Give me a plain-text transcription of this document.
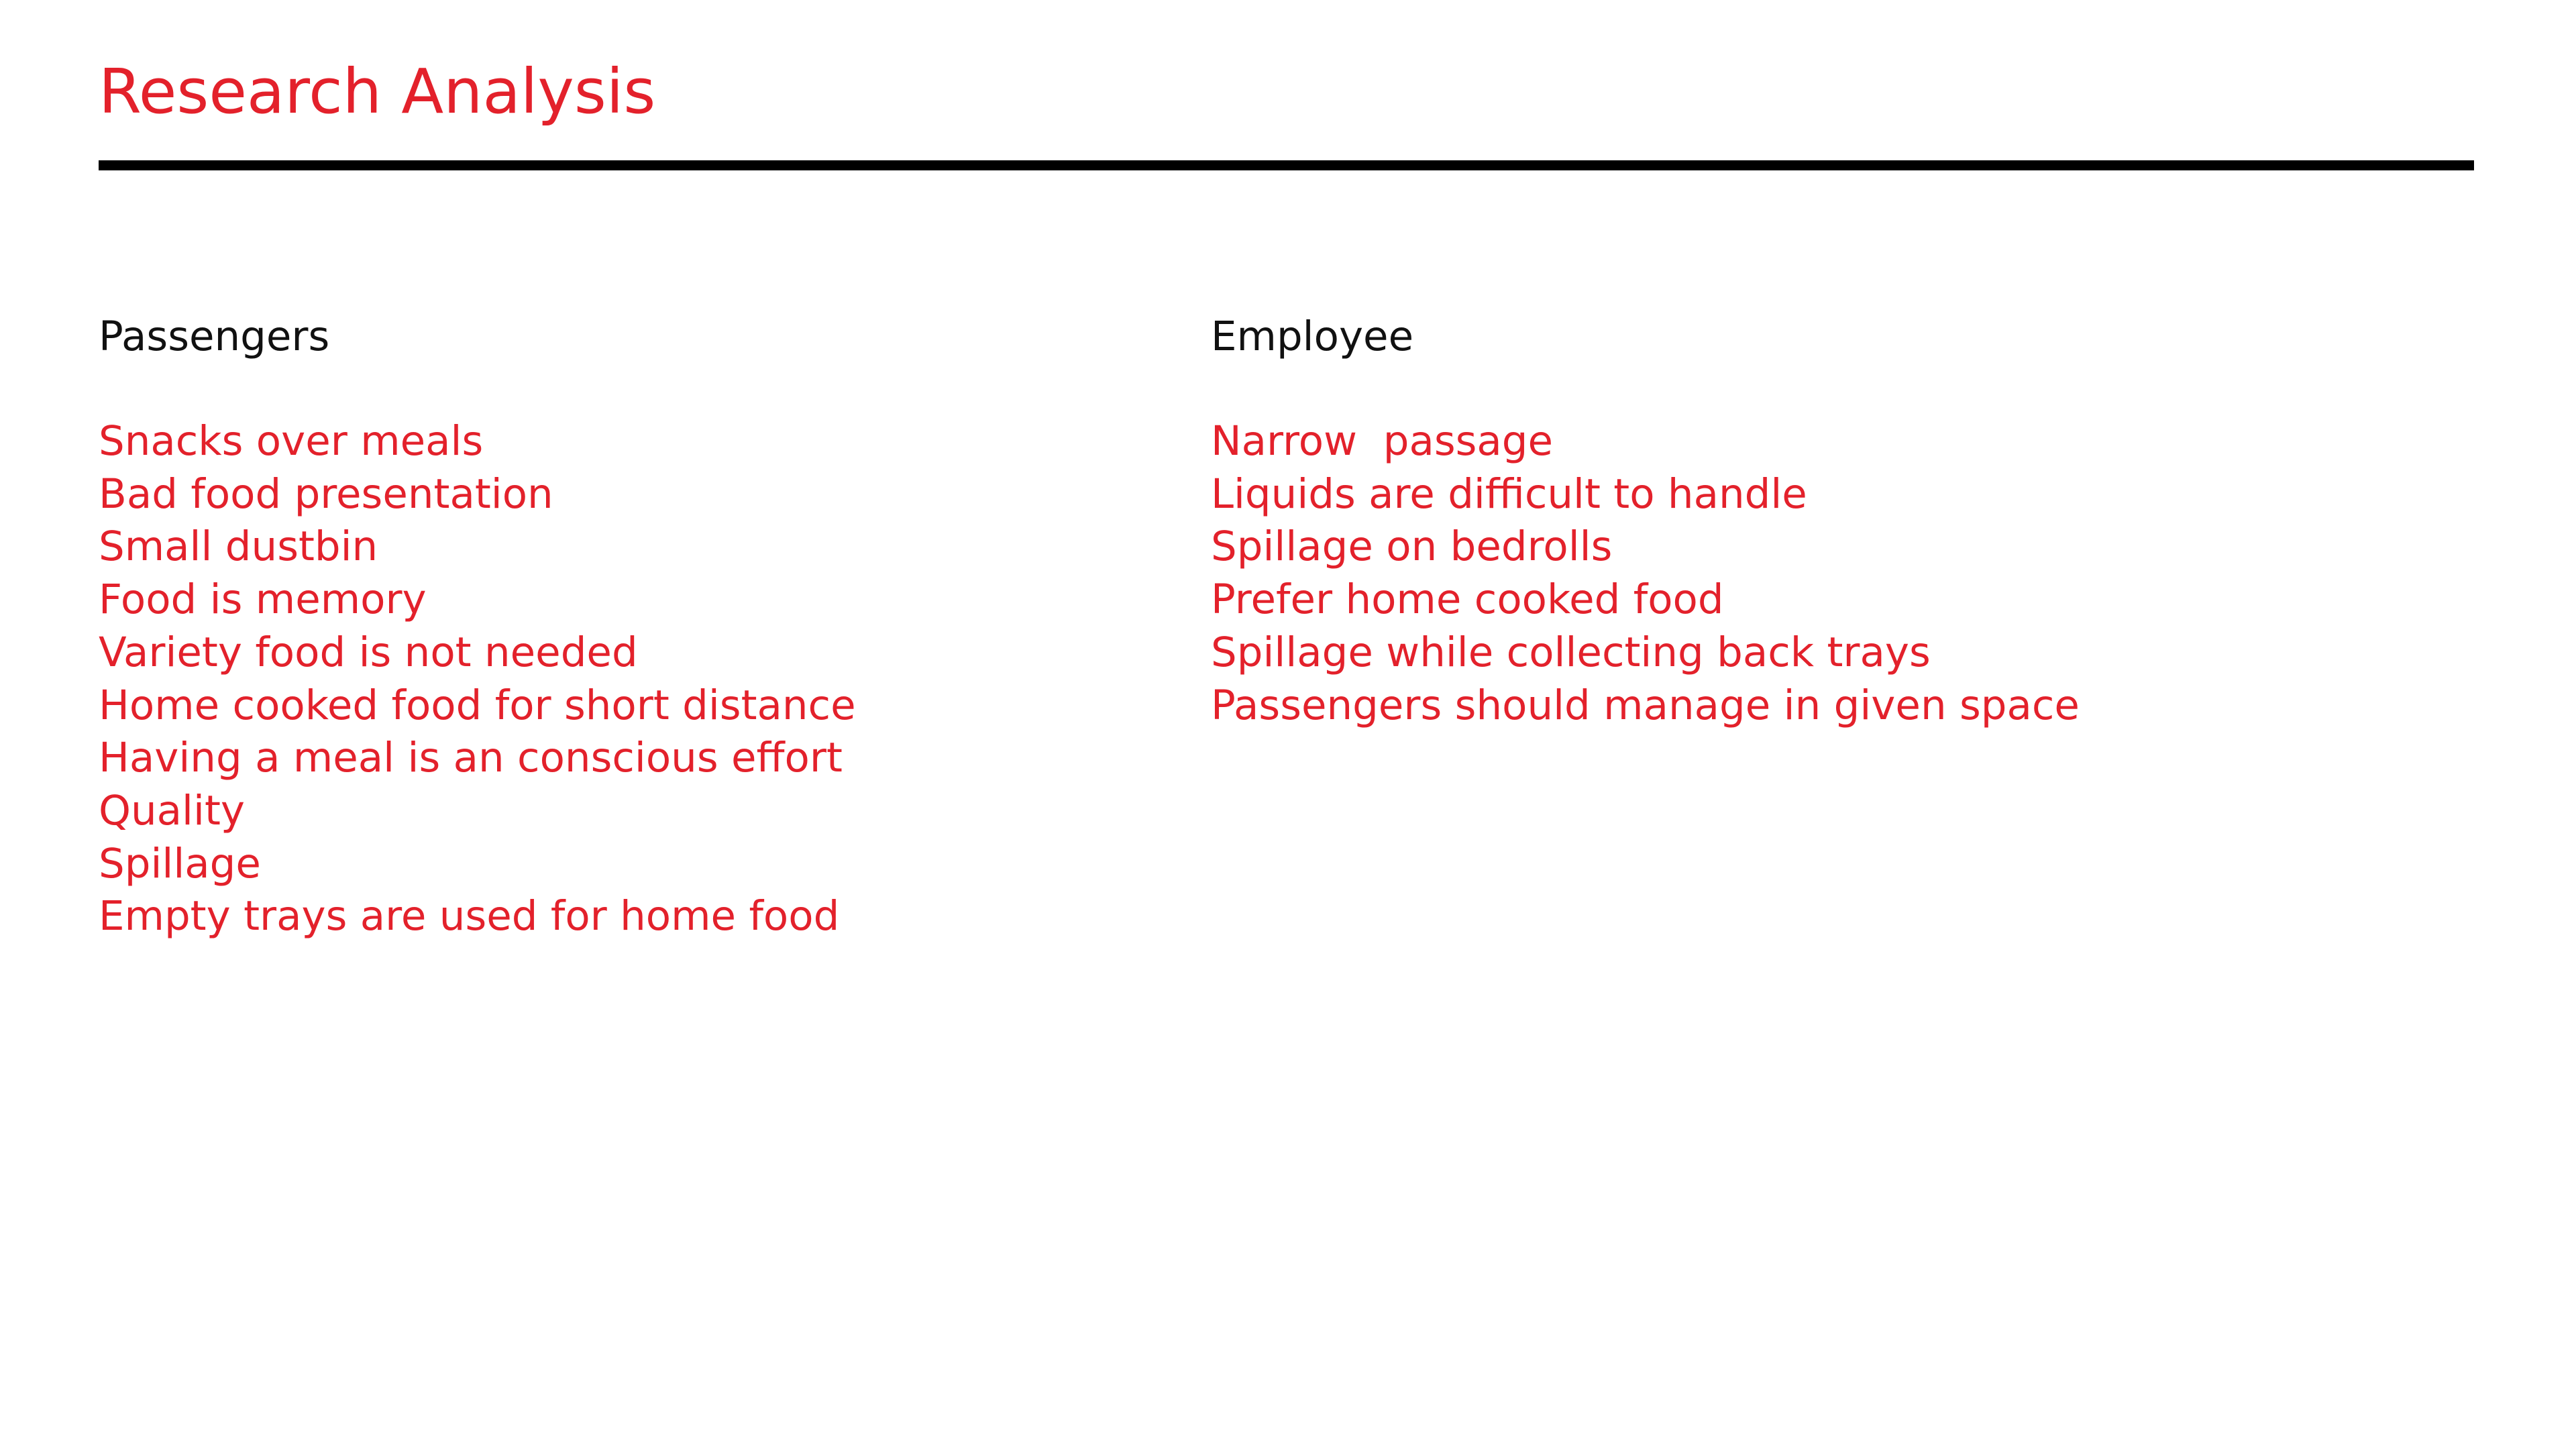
Research Analysis
Passengers
Snacks over meals
Bad food presentation
Small dustbin
Food is memory
Variety food is not needed
Home cooked food for short distance
Having a meal is an conscious effort
Quality
Spillage
Empty trays are used for home food
Employee
Narrow  passage
Liquids are difficult to handle
Spillage on bedrolls
Prefer home cooked food
Spillage while collecting back trays
Passengers should manage in given space
